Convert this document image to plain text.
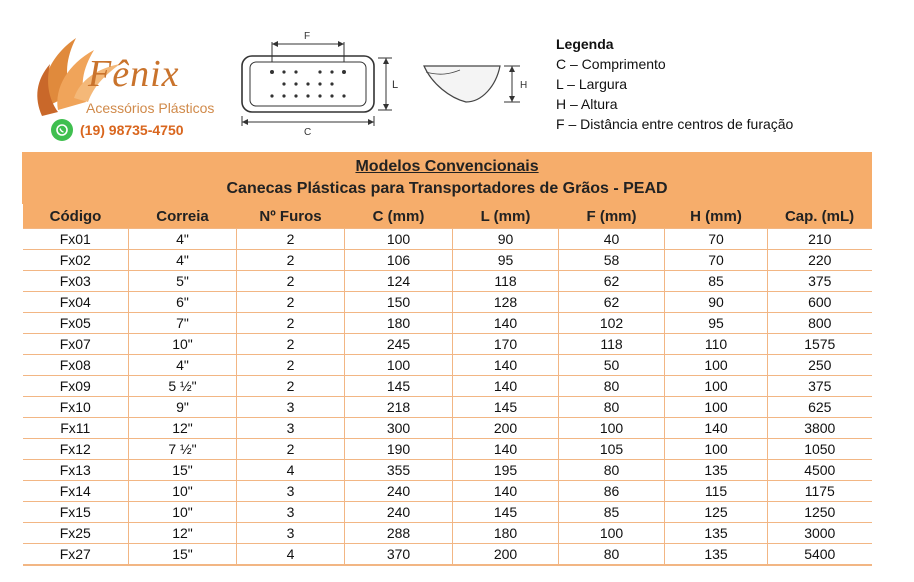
Fênix
Acessórios Plásticos
(19) 98735-4750
F
L
C
H
Legenda
C – Comprimento
L – Largura
H – Altura
F – Distância entre centros de furação
Modelos Convencionais
Canecas Plásticas para Transportadores de Grãos - PEAD							
Código	Correia	Nº Furos	C (mm)	L (mm)	F (mm)	H (mm)	Cap. (mL)
Fx01	4"	2	100	90	40	70	210
Fx02	4"	2	106	95	58	70	220
Fx03	5"	2	124	118	62	85	375
Fx04	6"	2	150	128	62	90	600
Fx05	7"	2	180	140	102	95	800
Fx07	10"	2	245	170	118	110	1575
Fx08	4"	2	100	140	50	100	250
Fx09	5 ½"	2	145	140	80	100	375
Fx10	9"	3	218	145	80	100	625
Fx11	12"	3	300	200	100	140	3800
Fx12	7 ½"	2	190	140	105	100	1050
Fx13	15"	4	355	195	80	135	4500
Fx14	10"	3	240	140	86	115	1175
Fx15	10"	3	240	145	85	125	1250
Fx25	12"	3	288	180	100	135	3000
Fx27	15"	4	370	200	80	135	5400
